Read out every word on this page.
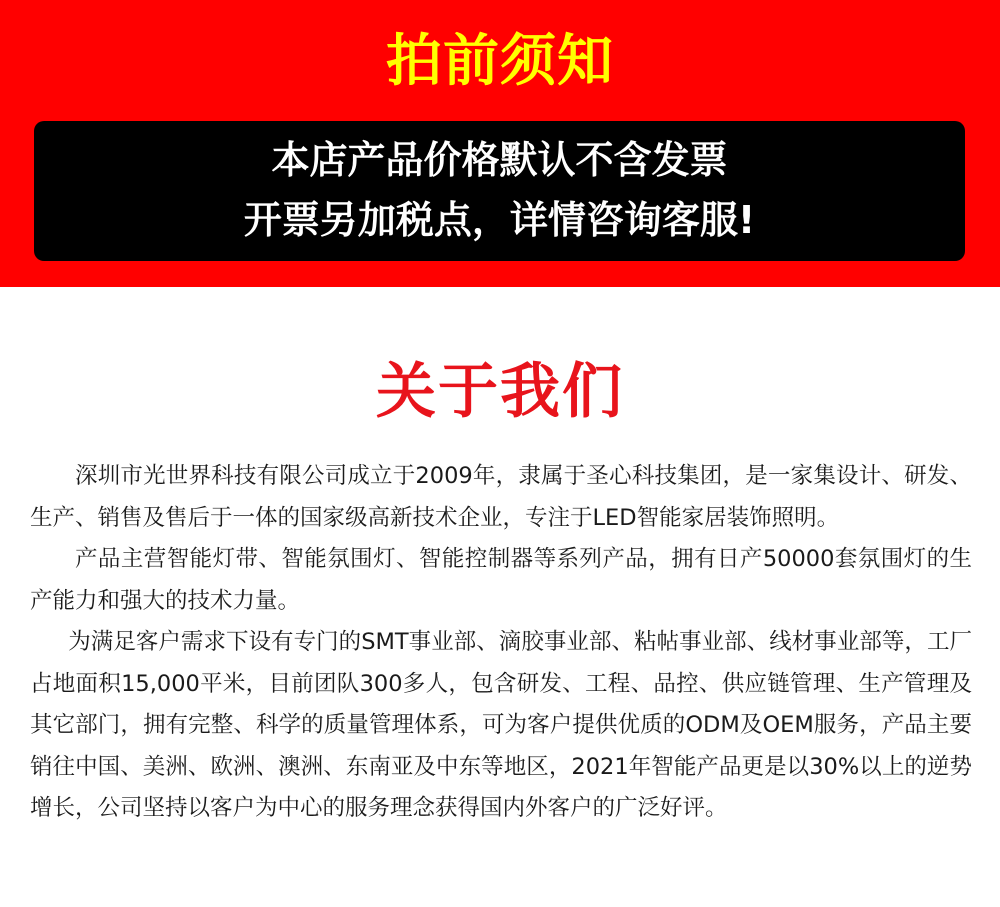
拍前须知
本店产品价格默认不含发票
开票另加税点，详情咨询客服!
关于我们

深圳市光世界科技有限公司成立于2009年，隶属于圣心科技集团，是一家集设计、研发、生产、销售及售后于一体的国家级高新技术企业，专注于LED智能家居装饰照明。

产品主营智能灯带、智能氛围灯、智能控制器等系列产品，拥有日产50000套氛围灯的生产能力和强大的技术力量。

为满足客户需求下设有专门的SMT事业部、滴胶事业部、粘帖事业部、线材事业部等，工厂占地面积15,000平米，目前团队300多人，包含研发、工程、品控、供应链管理、生产管理及其它部门，拥有完整、科学的质量管理体系，可为客户提供优质的ODM及OEM服务，产品主要销往中国、美洲、欧洲、澳洲、东南亚及中东等地区，2021年智能产品更是以30%以上的逆势增长，公司坚持以客户为中心的服务理念获得国内外客户的广泛好评。
